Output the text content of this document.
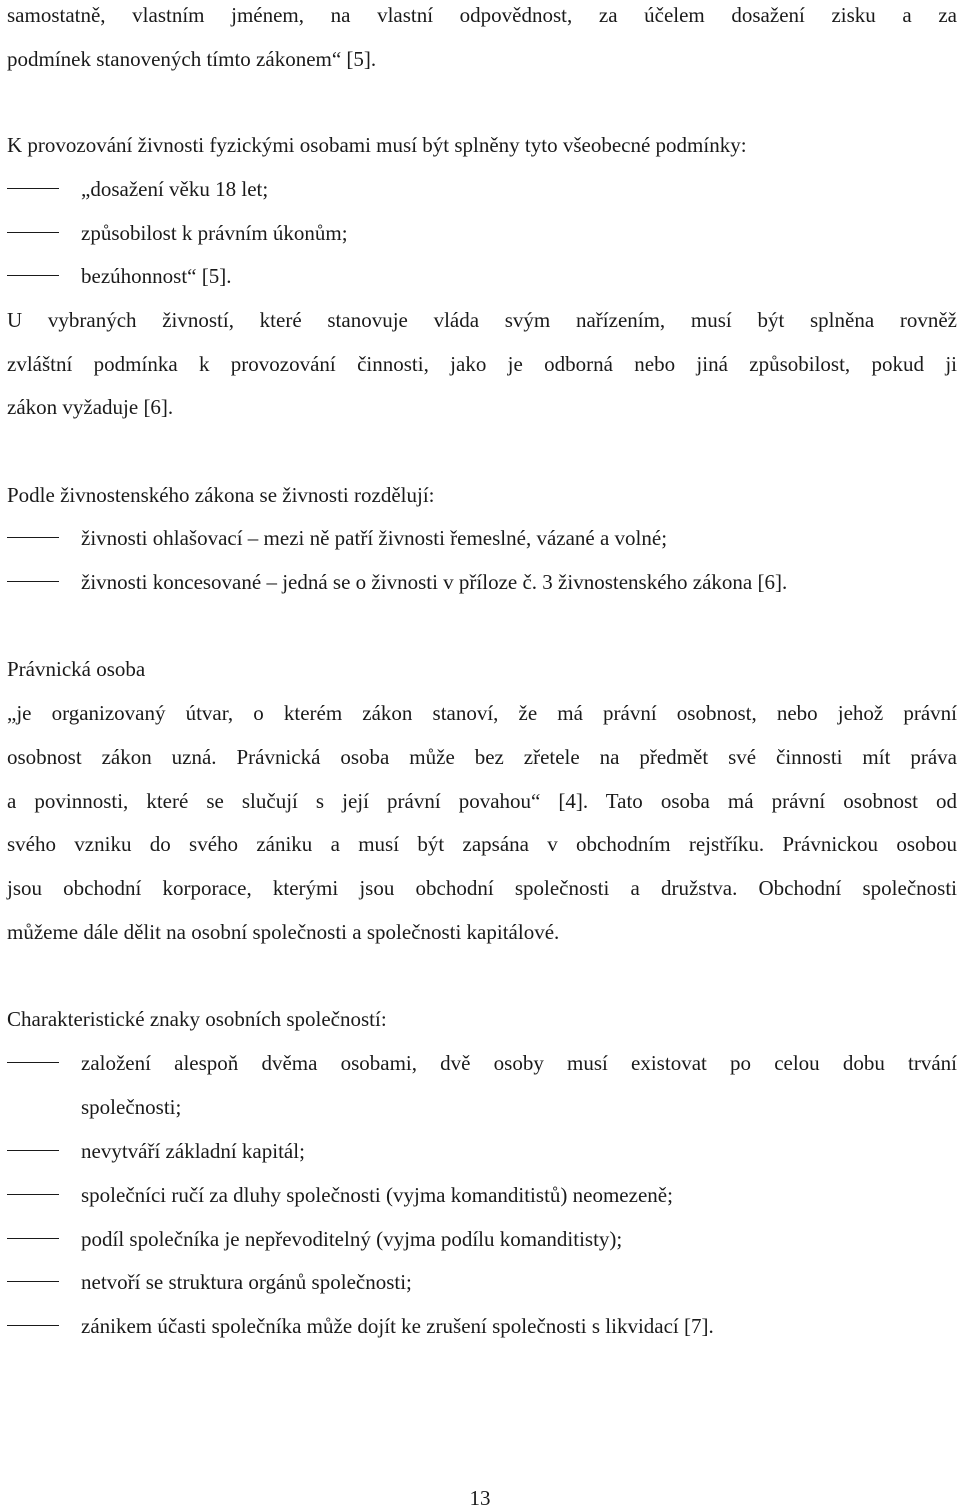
samostatně, vlastním jménem, na vlastní odpovědnost, za účelem dosažení zisku a za
podmínek stanovených tímto zákonem“ [5].
K provozování živnosti fyzickými osobami musí být splněny tyto všeobecné podmínky:
„dosažení věku 18 let;
způsobilost k právním úkonům;
bezúhonnost“ [5].
U vybraných živností, které stanovuje vláda svým nařízením, musí být splněna rovněž
zvláštní podmínka k provozování činnosti, jako je odborná nebo jiná způsobilost, pokud ji
zákon vyžaduje [6].
Podle živnostenského zákona se živnosti rozdělují:
živnosti ohlašovací – mezi ně patří živnosti řemeslné, vázané a volné;
živnosti koncesované – jedná se o živnosti v příloze č. 3 živnostenského zákona [6].
Právnická osoba
„je organizovaný útvar, o kterém zákon stanoví, že má právní osobnost, nebo jehož právní
osobnost zákon uzná. Právnická osoba může bez zřetele na předmět své činnosti mít práva
a povinnosti, které se slučují s její právní povahou“ [4]. Tato osoba má právní osobnost od
svého vzniku do svého zániku a musí být zapsána v obchodním rejstříku. Právnickou osobou
jsou obchodní korporace, kterými jsou obchodní společnosti a družstva. Obchodní společnosti
můžeme dále dělit na osobní společnosti a společnosti kapitálové.
Charakteristické znaky osobních společností:
založení alespoň dvěma osobami, dvě osoby musí existovat po celou dobu trvání
společnosti;
nevytváří základní kapitál;
společníci ručí za dluhy společnosti (vyjma komanditistů) neomezeně;
podíl společníka je nepřevoditelný (vyjma podílu komanditisty);
netvoří se struktura orgánů společnosti;
zánikem účasti společníka může dojít ke zrušení společnosti s likvidací [7].
13
